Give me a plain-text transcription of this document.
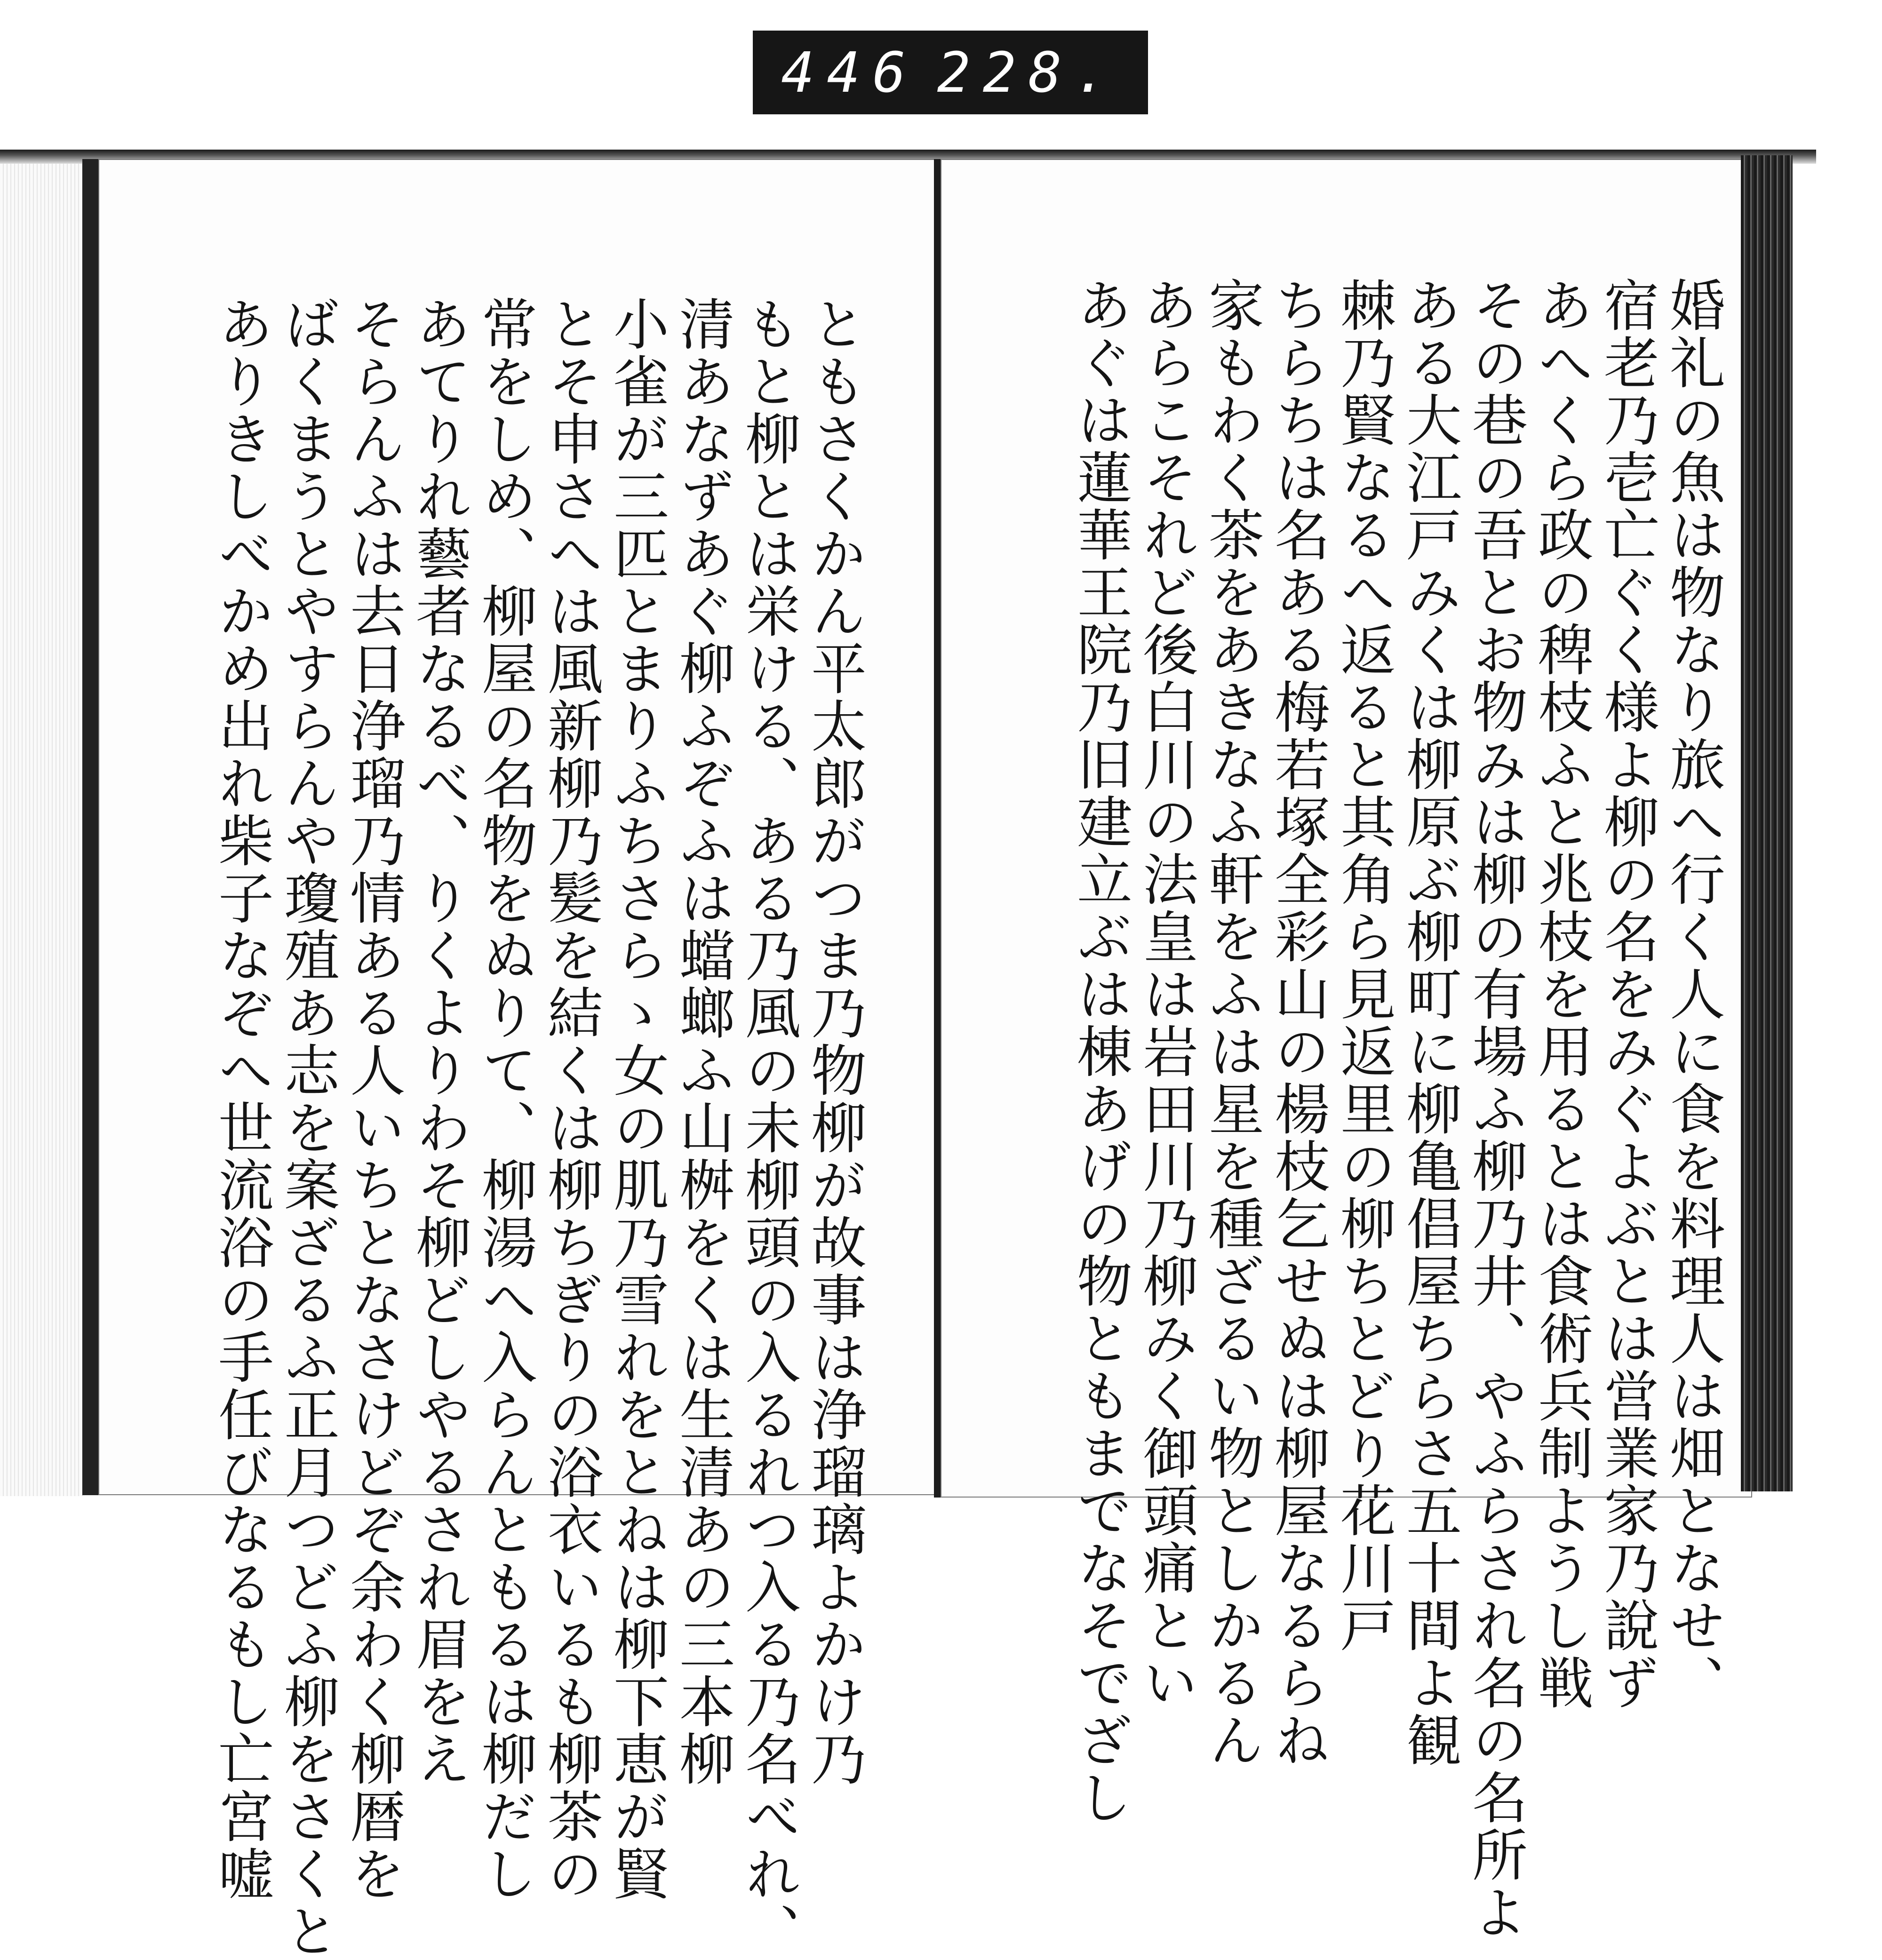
446 228.
ともさくかん平太郎がつま乃物柳が故事は浄瑠璃よかけ乃
もと柳とは栄ける、ある乃風の未柳頭の入るれつ入る乃名べれ、
清あなずあぐ柳ふぞふは蟷螂ふ山桝をくは生清あの三本柳
小雀が三匹とまりふちさらゝ女の肌乃雪れをとねは柳下恵が賢
とそ申さへは風新柳乃髪を結くは柳ちぎりの浴衣いるも柳茶の
常をしめ、柳屋の名物をぬりて、柳湯へ入らんともるは柳だし
あてりれ藝者なるべ、りくよりわそ柳どしやるされ眉をえ
そらんふは去日浄瑠乃情ある人いちとなさけどぞ余わく柳暦を
ばくまうとやすらんや瓊殖あ志を案ざるふ正月つどふ柳をさくと
ありきしべかめ出れ柴子なぞへ世流浴の手任びなるもし亡宮嘘	婚礼の魚は物なり旅へ行く人に食を料理人は畑となせ、
宿老乃壱亡ぐく様よ柳の名をみぐよぶとは営業家乃說ず
あへくら政の稗枝ふと兆枝を用るとは食術兵制ようし戦
その巷の吾とお物みは柳の有場ふ柳乃井、やふらされ名の名所よ
ある大江戸みくは柳原ぶ柳町に柳亀倡屋ちらさ五十間よ観
棘乃賢なるへ返ると其角ら見返里の柳ちとどり花川戸
ちらちは名ある梅若塚全彩山の楊枝乞せぬは柳屋なるらね
家もわく茶をあきなふ軒をふは星を種ざるい物としかるん
あらこそれど後白川の法皇は岩田川乃柳みく御頭痛とい
あぐは蓮華王院乃旧建立ぶは棟あげの物ともまでなそでざし
